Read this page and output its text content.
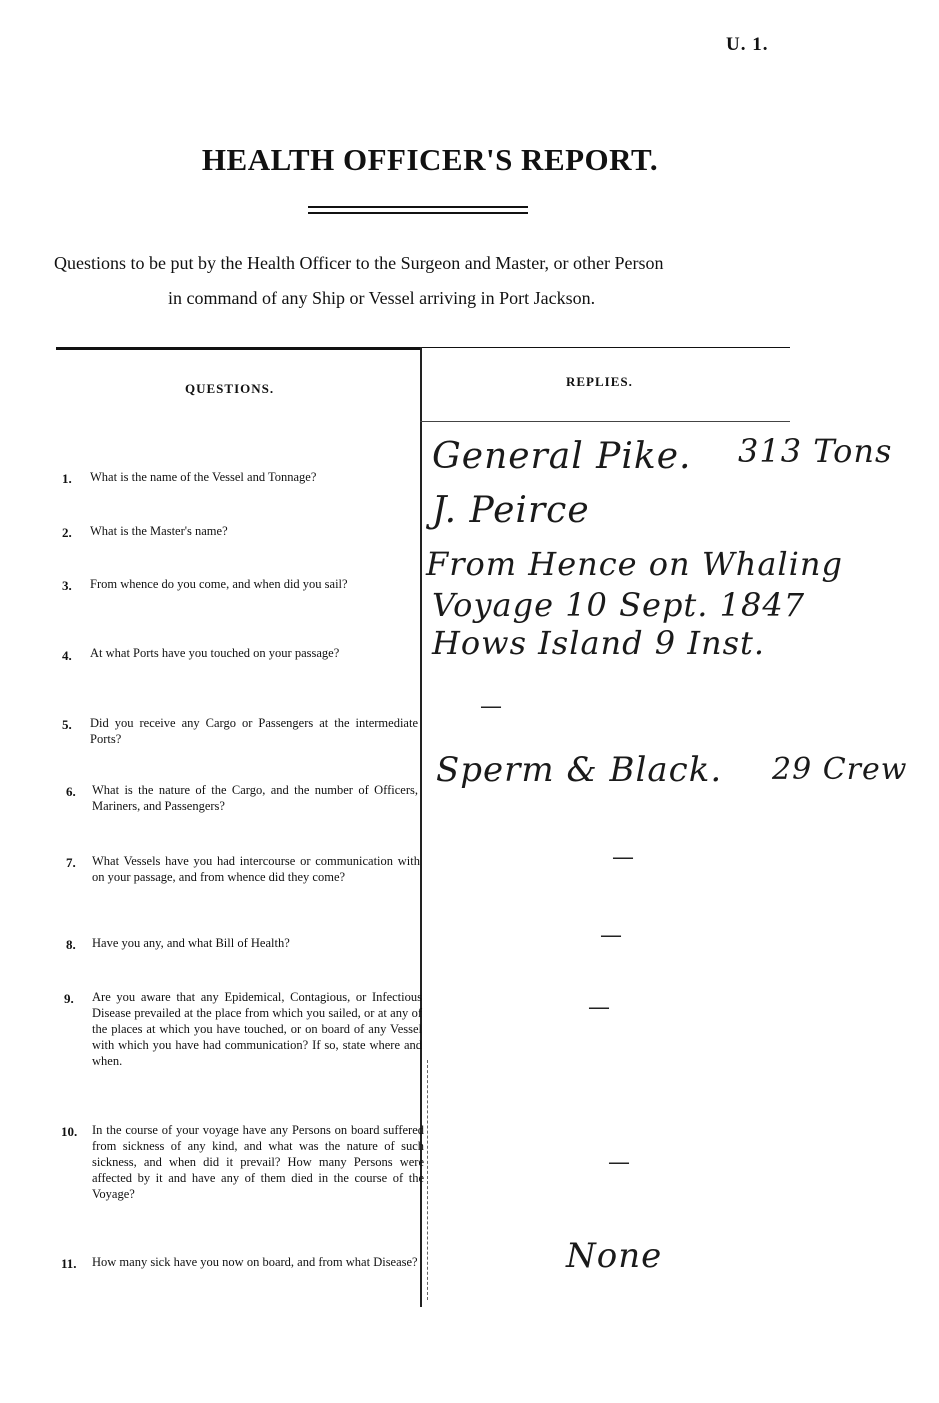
U. 1.
HEALTH OFFICER'S REPORT.
Questions to be put by the Health Officer to the Surgeon and Master, or other Person
in command of any Ship or Vessel arriving in Port Jackson.
QUESTIONS.	REPLIES.
1. What is the name of the Vessel and Tonnage?
2. What is the Master's name?
3. From whence do you come, and when did you sail?
4. At what Ports have you touched on your passage?
5. Did you receive any Cargo or Passengers at the intermediate Ports?
6. What is the nature of the Cargo, and the number of Officers, Mariners, and Passengers?
7. What Vessels have you had intercourse or communication with on your passage, and from whence did they come?
8. Have you any, and what Bill of Health?
9. Are you aware that any Epidemical, Contagious, or Infectious Disease prevailed at the place from which you sailed, or at any of the places at which you have touched, or on board of any Vessel with which you have had communication? If so, state where and when.
10. In the course of your voyage have any Persons on board suffered from sickness of any kind, and what was the nature of such sickness, and when did it prevail? How many Persons were affected by it and have any of them died in the course of the Voyage?
11. How many sick have you now on board, and from what Disease?
General Pike. 313 Tons
J. Peirce
From Hence on Whaling
Voyage 10 Sept. 1847
Hows Island 9 Inst.
—
Sperm & Black. 29 Crew
—
—
—
—
None
